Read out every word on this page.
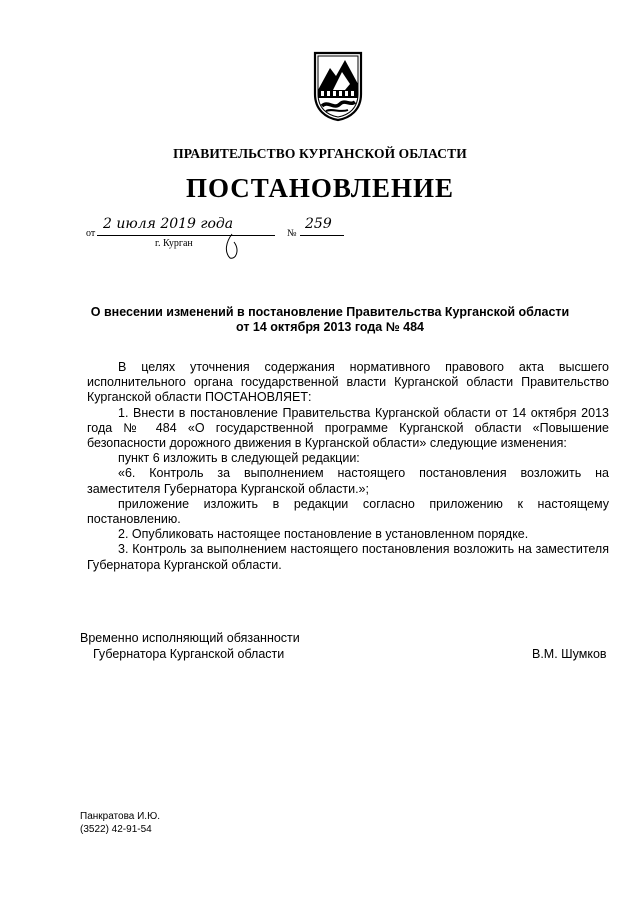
ПРАВИТЕЛЬСТВО КУРГАНСКОЙ ОБЛАСТИ
ПОСТАНОВЛЕНИЕ
от
2 июля 2019 года
№
259
г. Курган
О внесении изменений в постановление Правительства Курганской области
от 14 октября 2013 года № 484

В целях уточнения содержания нормативного правового акта высшего исполнительного органа государственной власти Курганской области Правительство Курганской области ПОСТАНОВЛЯЕТ:

1. Внести в постановление Правительства Курганской области от 14 октября 2013 года № 484 «О государственной программе Курганской области «Повышение безопасности дорожного движения в Курганской области» следующие изменения:

пункт 6 изложить в следующей редакции:

«6. Контроль за выполнением настоящего постановления возложить на заместителя Губернатора Курганской области.»;

приложение изложить в редакции согласно приложению к настоящему постановлению.

2. Опубликовать настоящее постановление в установленном порядке.

3. Контроль за выполнением настоящего постановления возложить на заместителя Губернатора Курганской области.

Временно исполняющий обязанности
Губернатора Курганской области	В.М. Шумков
Панкратова И.Ю.
(3522) 42-91-54
